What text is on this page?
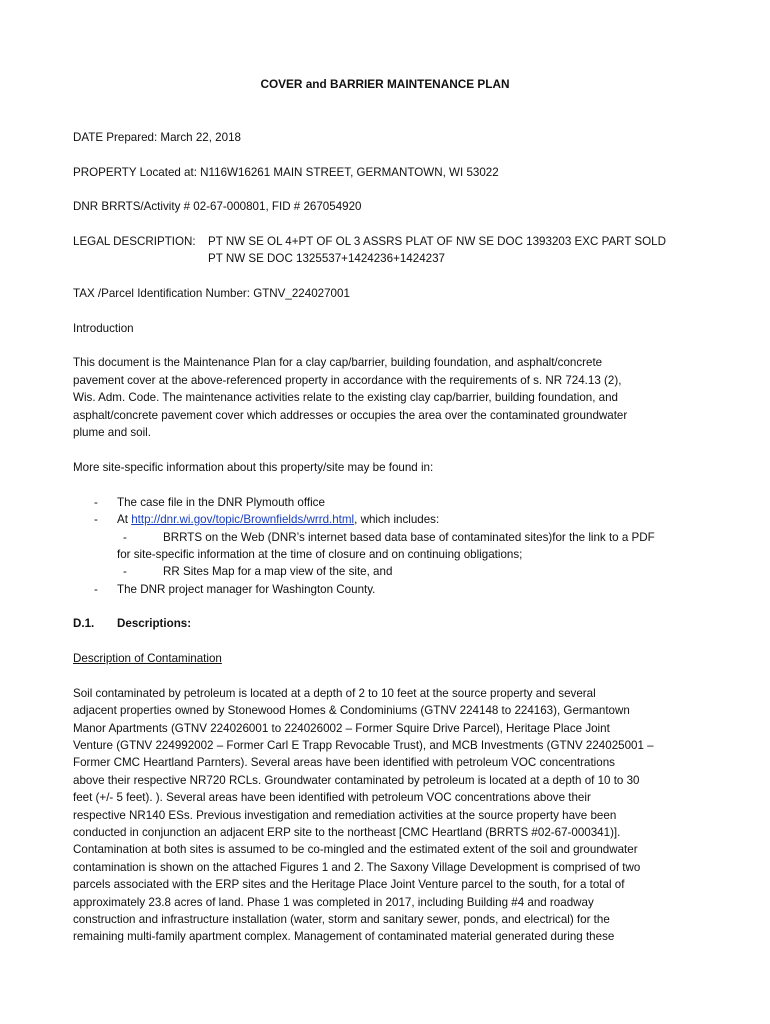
COVER and BARRIER MAINTENANCE PLAN
DATE Prepared: March 22, 2018
PROPERTY Located at: N116W16261 MAIN STREET, GERMANTOWN, WI 53022
DNR BRRTS/Activity # 02-67-000801, FID # 267054920
LEGAL DESCRIPTION: PT NW SE OL 4+PT OF OL 3 ASSRS PLAT OF NW SE DOC 1393203 EXC PART SOLD
PT NW SE DOC 1325537+1424236+1424237
TAX /Parcel Identification Number: GTNV_224027001
Introduction
This document is the Maintenance Plan for a clay cap/barrier, building foundation, and asphalt/concrete
pavement cover at the above-referenced property in accordance with the requirements of s. NR 724.13 (2),
Wis. Adm. Code. The maintenance activities relate to the existing clay cap/barrier, building foundation, and
asphalt/concrete pavement cover which addresses or occupies the area over the contaminated groundwater
plume and soil.
More site-specific information about this property/site may be found in:
- The case file in the DNR Plymouth office
- At http://dnr.wi.gov/topic/Brownfields/wrrd.html, which includes:
-	BRRTS on the Web (DNR’s internet based data base of contaminated sites)for the link to a PDF
for site-specific information at the time of closure and on continuing obligations;
-	RR Sites Map for a map view of the site, and
- The DNR project manager for Washington County.
D.1. Descriptions:
Description of Contamination
Soil contaminated by petroleum is located at a depth of 2 to 10 feet at the source property and several
adjacent properties owned by Stonewood Homes & Condominiums (GTNV 224148 to 224163), Germantown
Manor Apartments (GTNV 224026001 to 224026002 – Former Squire Drive Parcel), Heritage Place Joint
Venture (GTNV 224992002 – Former Carl E Trapp Revocable Trust), and MCB Investments (GTNV 224025001 –
Former CMC Heartland Parnters). Several areas have been identified with petroleum VOC concentrations
above their respective NR720 RCLs. Groundwater contaminated by petroleum is located at a depth of 10 to 30
feet (+/- 5 feet). ). Several areas have been identified with petroleum VOC concentrations above their
respective NR140 ESs. Previous investigation and remediation activities at the source property have been
conducted in conjunction an adjacent ERP site to the northeast [CMC Heartland (BRRTS #02-67-000341)].
Contamination at both sites is assumed to be co-mingled and the estimated extent of the soil and groundwater
contamination is shown on the attached Figures 1 and 2. The Saxony Village Development is comprised of two
parcels associated with the ERP sites and the Heritage Place Joint Venture parcel to the south, for a total of
approximately 23.8 acres of land. Phase 1 was completed in 2017, including Building #4 and roadway
construction and infrastructure installation (water, storm and sanitary sewer, ponds, and electrical) for the
remaining multi-family apartment complex. Management of contaminated material generated during these
